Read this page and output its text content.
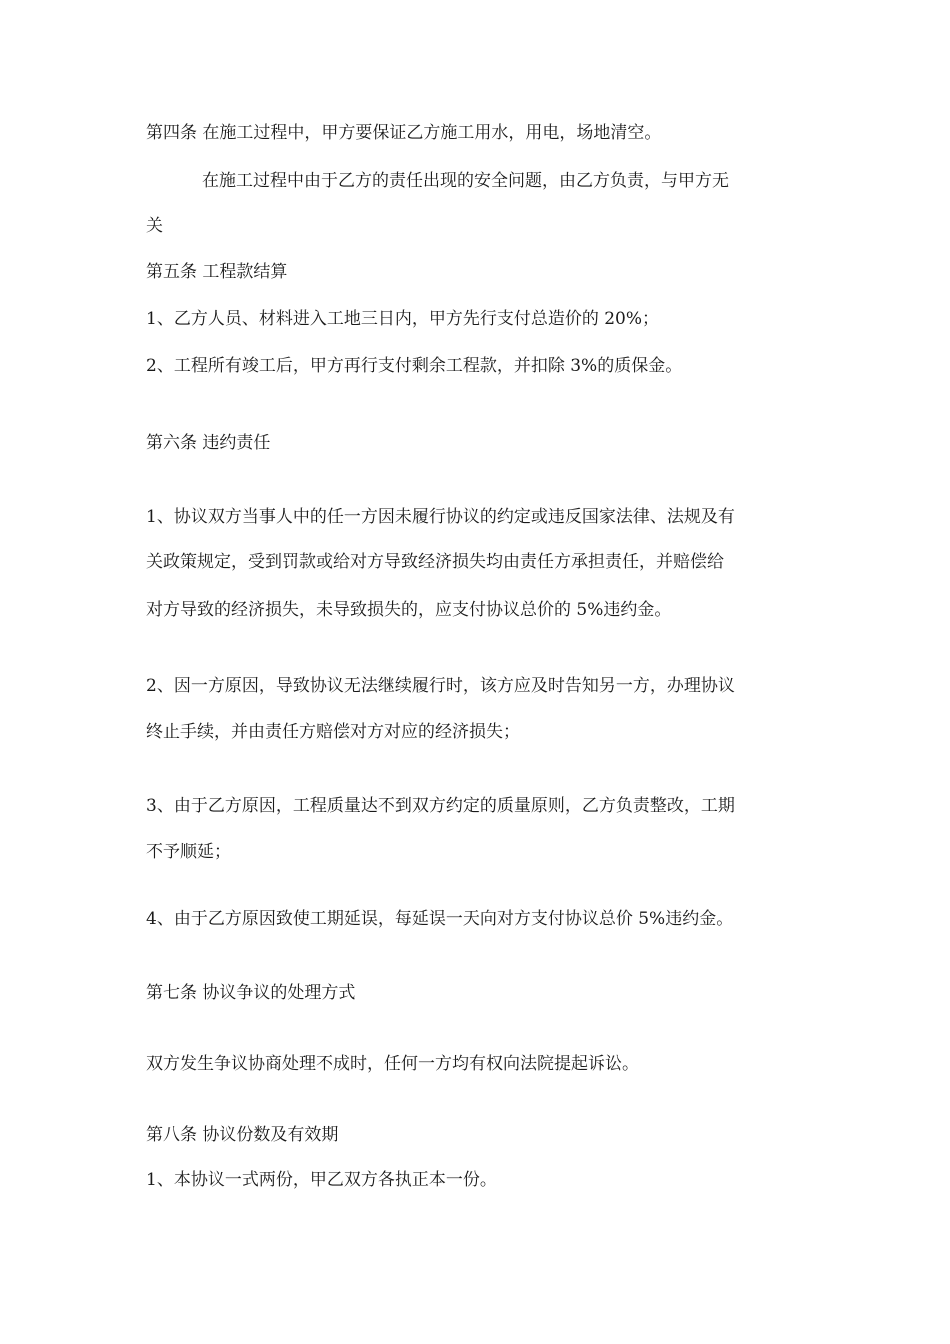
第四条 在施工过程中，甲方要保证乙方施工用水，用电，场地清空。
在施工过程中由于乙方的责任出现的安全问题，由乙方负责，与甲方无
关
第五条 工程款结算
1、乙方人员、材料进入工地三日内，甲方先行支付总造价的 20%；
2、工程所有竣工后，甲方再行支付剩余工程款，并扣除 3%的质保金。
第六条 违约责任
1、协议双方当事人中的任一方因未履行协议的约定或违反国家法律、法规及有
关政策规定，受到罚款或给对方导致经济损失均由责任方承担责任，并赔偿给
对方导致的经济损失，未导致损失的，应支付协议总价的 5%违约金。
2、因一方原因，导致协议无法继续履行时，该方应及时告知另一方，办理协议
终止手续，并由责任方赔偿对方对应的经济损失；
3、由于乙方原因，工程质量达不到双方约定的质量原则，乙方负责整改，工期
不予顺延；
4、由于乙方原因致使工期延误，每延误一天向对方支付协议总价 5%违约金。
第七条 协议争议的处理方式
双方发生争议协商处理不成时，任何一方均有权向法院提起诉讼。
第八条 协议份数及有效期
1、本协议一式两份，甲乙双方各执正本一份。
